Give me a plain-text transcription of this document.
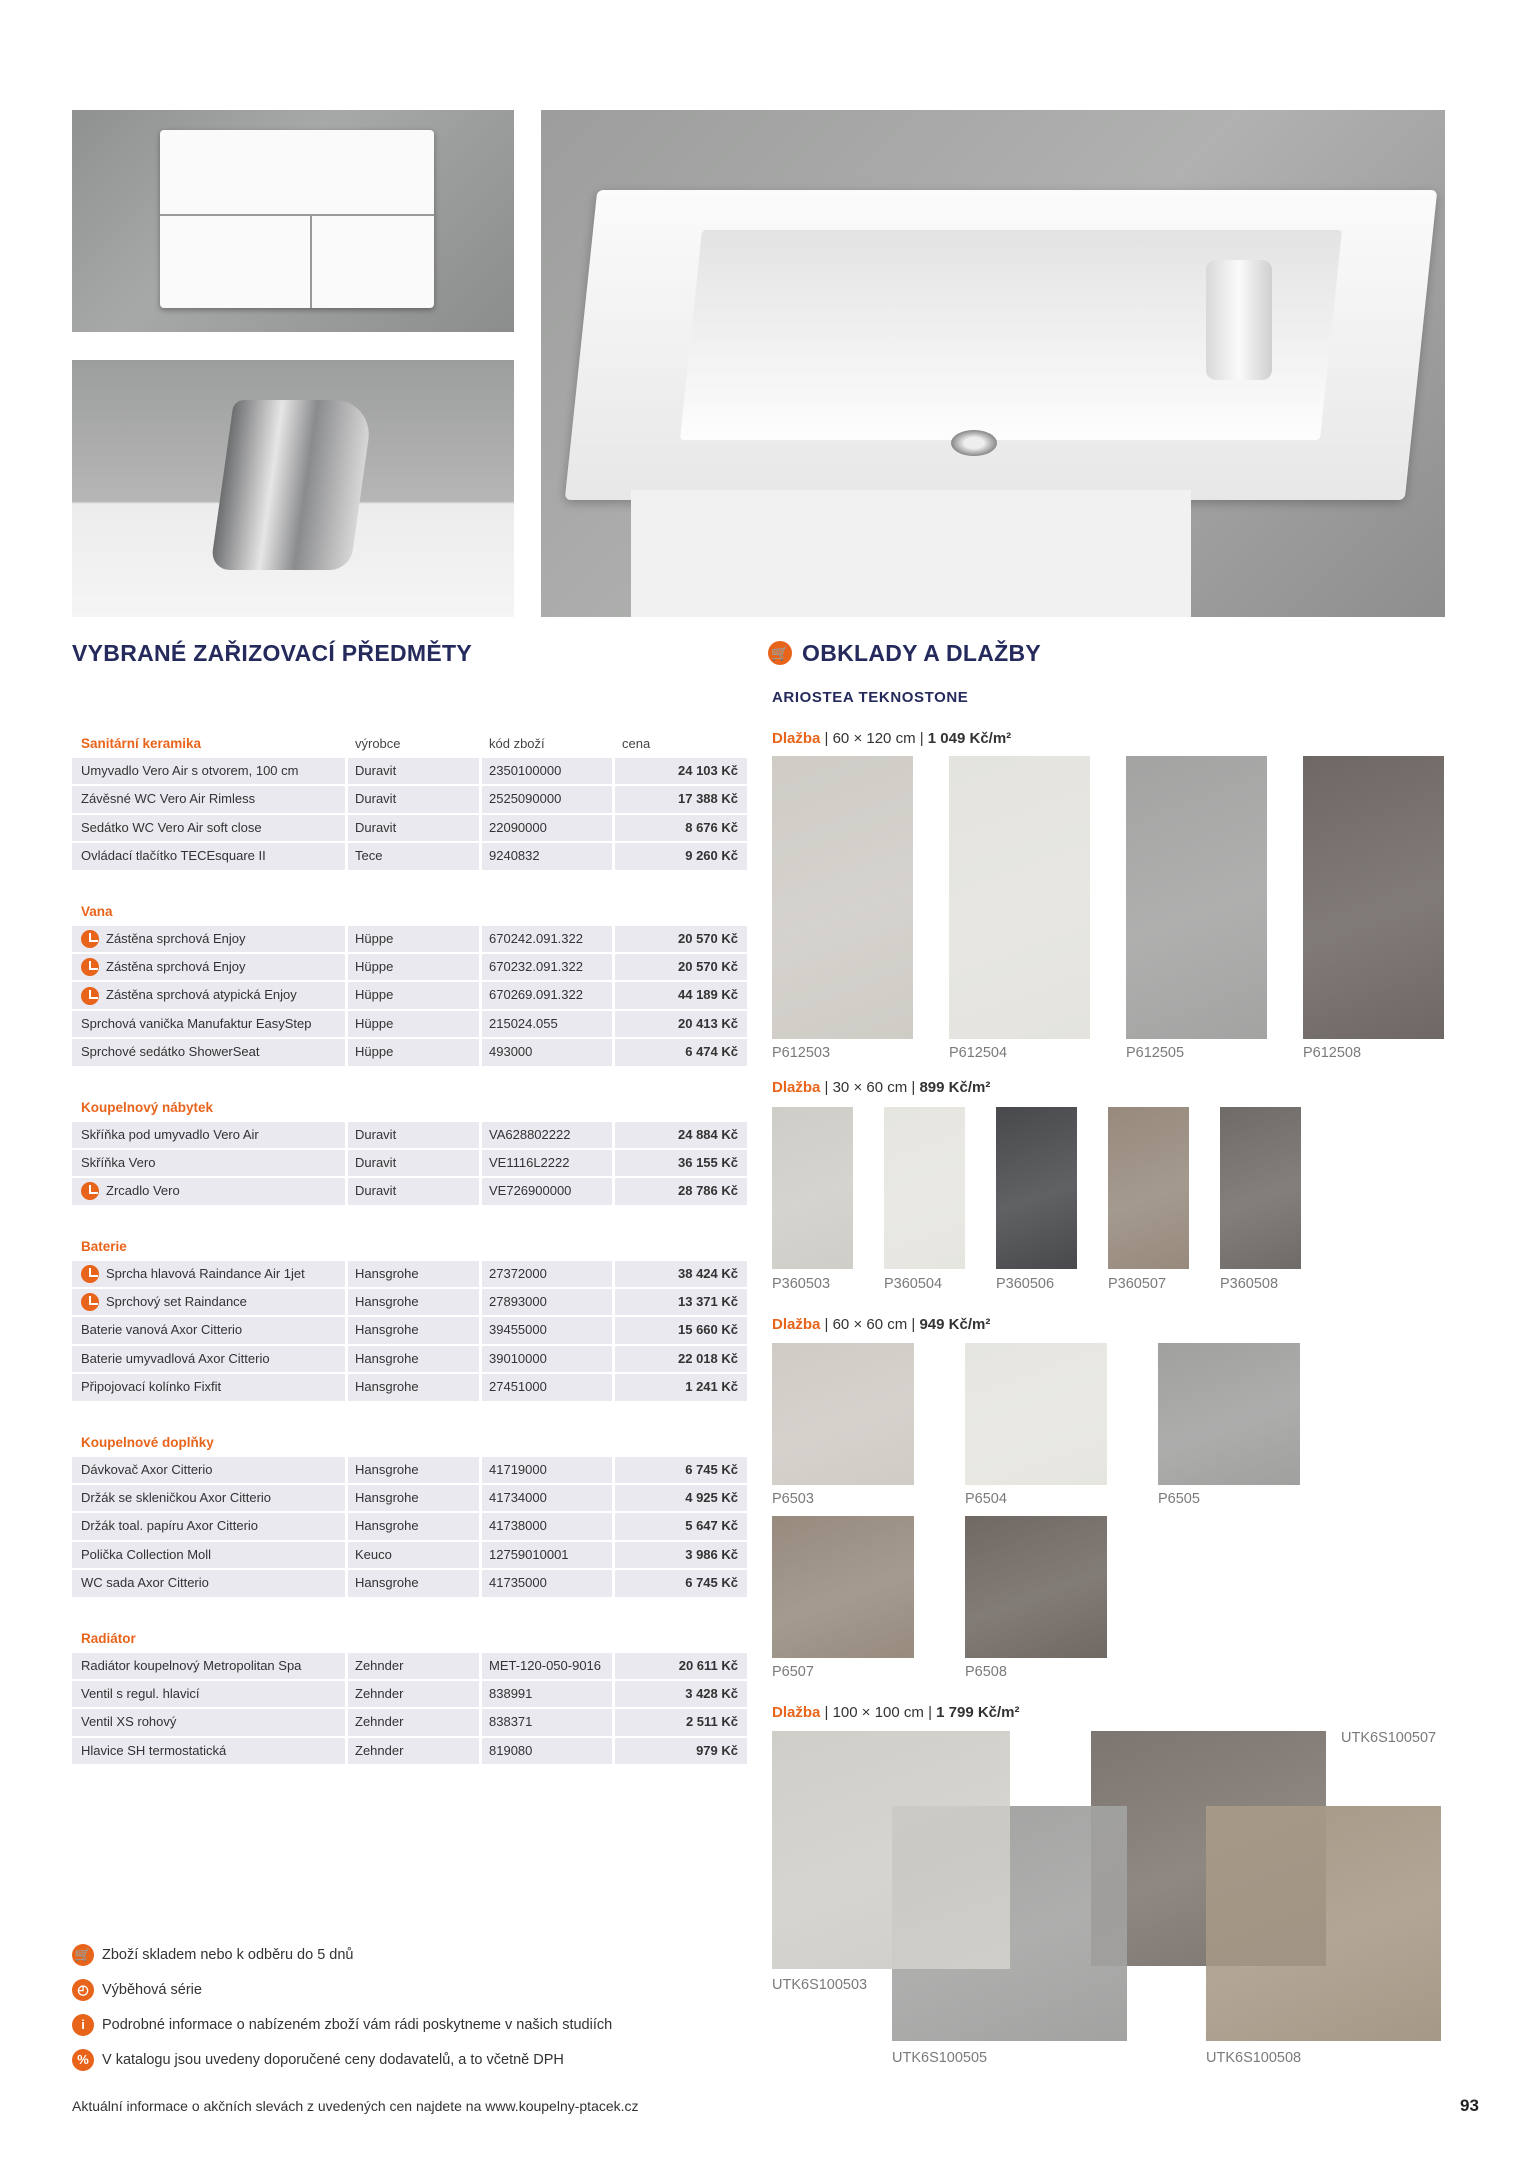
VYBRANÉ ZAŘIZOVACÍ PŘEDMĚTY	🛒 OBKLADY A DLAŽBY
ARIOSTEA TEKNOSTONE
Sanitární keramika	výrobce	kód zboží	cena
Umyvadlo Vero Air s otvorem, 100 cm	Duravit	2350100000	24 103 Kč
Závěsné WC Vero Air Rimless	Duravit	2525090000	17 388 Kč
Sedátko WC Vero Air soft close	Duravit	22090000	8 676 Kč
Ovládací tlačítko TECEsquare II	Tece	9240832	9 260 Kč
Vana
Zástěna sprchová Enjoy	Hüppe	670242.091.322	20 570 Kč
Zástěna sprchová Enjoy	Hüppe	670232.091.322	20 570 Kč
Zástěna sprchová atypická Enjoy	Hüppe	670269.091.322	44 189 Kč
Sprchová vanička Manufaktur EasyStep	Hüppe	215024.055	20 413 Kč
Sprchové sedátko ShowerSeat	Hüppe	493000	6 474 Kč
Koupelnový nábytek
Skříňka pod umyvadlo Vero Air	Duravit	VA628802222	24 884 Kč
Skříňka Vero	Duravit	VE1116L2222	36 155 Kč
Zrcadlo Vero	Duravit	VE726900000	28 786 Kč
Baterie
Sprcha hlavová Raindance Air 1jet	Hansgrohe	27372000	38 424 Kč
Sprchový set Raindance	Hansgrohe	27893000	13 371 Kč
Baterie vanová Axor Citterio	Hansgrohe	39455000	15 660 Kč
Baterie umyvadlová Axor Citterio	Hansgrohe	39010000	22 018 Kč
Připojovací kolínko Fixfit	Hansgrohe	27451000	1 241 Kč
Koupelnové doplňky
Dávkovač Axor Citterio	Hansgrohe	41719000	6 745 Kč
Držák se skleničkou Axor Citterio	Hansgrohe	41734000	4 925 Kč
Držák toal. papíru Axor Citterio	Hansgrohe	41738000	5 647 Kč
Polička Collection Moll	Keuco	12759010001	3 986 Kč
WC sada Axor Citterio	Hansgrohe	41735000	6 745 Kč
Radiátor
Radiátor koupelnový Metropolitan Spa	Zehnder	MET-120-050-9016	20 611 Kč
Ventil s regul. hlavicí	Zehnder	838991	3 428 Kč
Ventil XS rohový	Zehnder	838371	2 511 Kč
Hlavice SH termostatická	Zehnder	819080	979 Kč
Dlažba | 60 × 120 cm | 1 049 Kč/m²
P612503	P612504	P612505	P612508
Dlažba | 30 × 60 cm | 899 Kč/m²
P360503	P360504	P360506	P360507	P360508
Dlažba | 60 × 60 cm | 949 Kč/m²
P6503	P6504	P6505
P6507	P6508
Dlažba | 100 × 100 cm | 1 799 Kč/m²
UTK6S100507
UTK6S100505	UTK6S100508
UTK6S100503
🛒 Zboží skladem nebo k odběru do 5 dnů
◴ Výběhová série
i	Podrobné informace o nabízeném zboží vám rádi poskytneme v našich studiích
% V katalogu jsou uvedeny doporučené ceny dodavatelů, a to včetně DPH
Aktuální informace o akčních slevách z uvedených cen najdete na www.koupelny-ptacek.cz	93
